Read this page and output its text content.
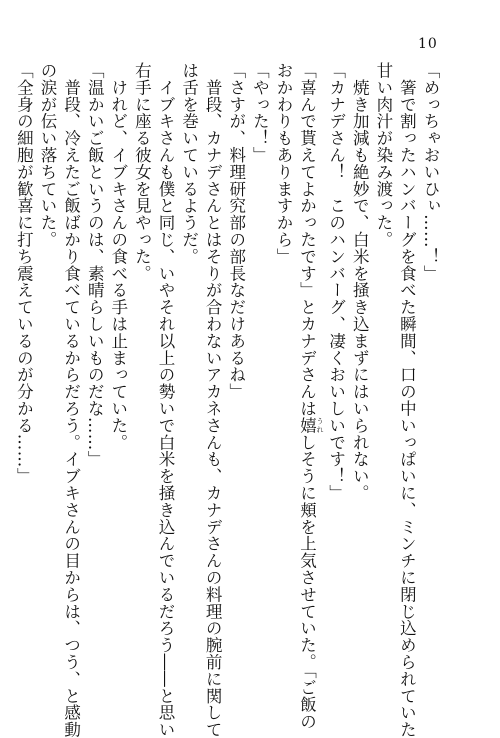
10
「めっちゃおいひぃ……！」
　箸で割ったハンバーグを食べた瞬間、口の中いっぱいに、ミンチに閉じ込められていた
甘い肉汁が染み渡った。
　焼き加減も絶妙で、白米を掻き込まずにはいられない。
「カナデさん！　このハンバーグ、凄くおいしいです！」
「喜んで貰えてよかったです」とカナデさんは嬉 うれしそうに頬を上気させていた。「ご飯の
おかわりもありますから」
「やった！」
「さすが、料理研究部の部長なだけあるね」
　普段、カナデさんとはそりが合わないアカネさんも、カナデさんの料理の腕前に関して
は舌を巻いているようだ。
　イブキさんも僕と同じ、いやそれ以上の勢いで白米を掻き込んでいるだろう――と思い
右手に座る彼女を見やった。
　けれど、イブキさんの食べる手は止まっていた。
「温かいご飯というのは、素晴らしいものだな……」
　普段、冷えたご飯ばかり食べているからだろう。イブキさんの目からは、つう、と感動
の涙が伝い落ちていた。
「全身の細胞が歓喜に打ち震えているのが分かる……」
